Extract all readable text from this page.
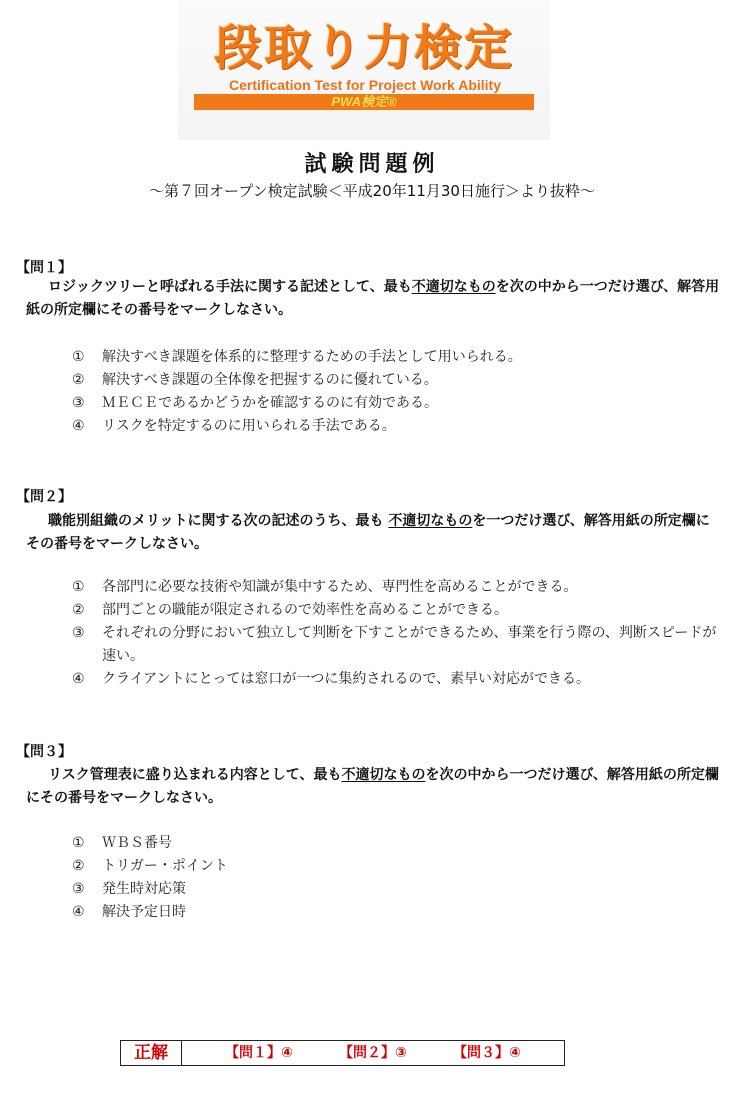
段取り力検定
Certification Test for Project Work Ability
PWA検定®
試験問題例
～第７回オープン検定試験＜平成20年11月30日施行＞より抜粋～
【問１】
ロジックツリーと呼ばれる手法に関する記述として、最も不適切なものを次の中から一つだけ選び、解答用紙の所定欄にその番号をマークしなさい。
①	解決すべき課題を体系的に整理するための手法として用いられる。
②	解決すべき課題の全体像を把握するのに優れている。
③	ＭＥＣＥであるかどうかを確認するのに有効である。
④	リスクを特定するのに用いられる手法である。
【問２】
職能別組織のメリットに関する次の記述のうち、最も 不適切なものを一つだけ選び、解答用紙の所定欄にその番号をマークしなさい。
①	各部門に必要な技術や知識が集中するため、専門性を高めることができる。
②	部門ごとの職能が限定されるので効率性を高めることができる。
③	それぞれの分野において独立して判断を下すことができるため、事業を行う際の、判断スピードが速い。
④	クライアントにとっては窓口が一つに集約されるので、素早い対応ができる。
【問３】
リスク管理表に盛り込まれる内容として、最も不適切なものを次の中から一つだけ選び、解答用紙の所定欄にその番号をマークしなさい。
①	ＷＢＳ番号
②	トリガー・ポイント
③	発生時対応策
④	解決予定日時
正解	【問１】④	【問２】③	【問３】④
